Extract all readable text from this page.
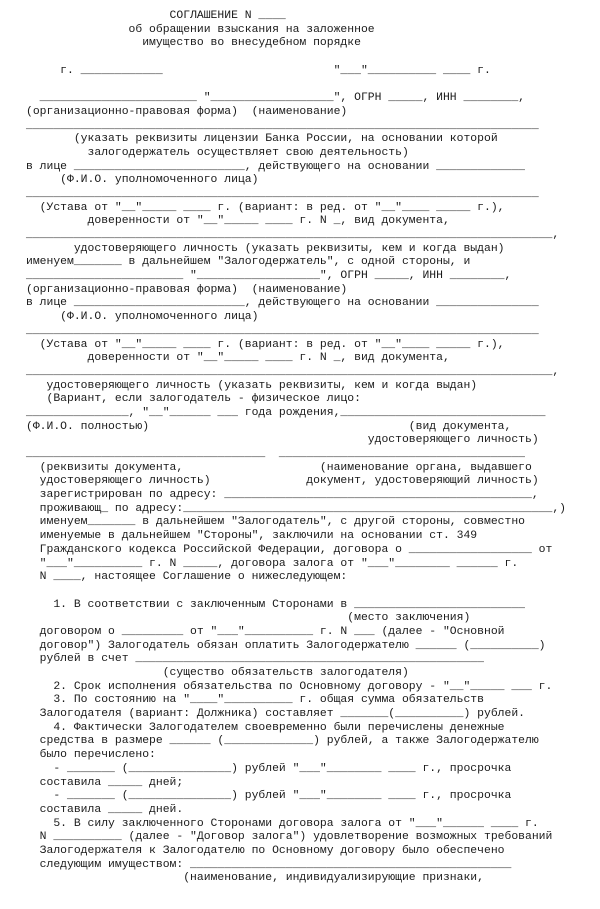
СОГЛАШЕНИЕ N ____
об обращении взыскания на заложенное
имущество во внесудебном порядке
г. ____________                         "___"__________ ____ г.
_______________________ "__________________", ОГРН _____, ИНН ________,
(организационно-правовая форма)  (наименование)
___________________________________________________________________________
(указать реквизиты лицензии Банка России, на основании которой
залогодержатель осуществляет свою деятельность)
в лице _________________________, действующего на основании _____________
(Ф.И.О. уполномоченного лица)
___________________________________________________________________________
(Устава от "__"_____ ____ г. (вариант: в ред. от "__"____ _____ г.),
доверенности от "__"_____ ____ г. N _, вид документа,
_____________________________________________________________________________,
удостоверяющего личность (указать реквизиты, кем и когда выдан)
именуем_______ в дальнейшем "Залогодержатель", с одной стороны, и
_______________________ "__________________", ОГРН _____, ИНН ________,
(организационно-правовая форма)  (наименование)
в лице _________________________, действующего на основании _______________
(Ф.И.О. уполномоченного лица)
___________________________________________________________________________
(Устава от "__"_____ ____ г. (вариант: в ред. от "__"____ _____ г.),
доверенности от "__"_____ ____ г. N _, вид документа,
_____________________________________________________________________________,
удостоверяющего личность (указать реквизиты, кем и когда выдан)
(Вариант, если залогодатель - физическое лицо:
_______________, "__"______ ___ года рождения,______________________________
(Ф.И.О. полностью)                                      (вид документа,
удостоверяющего личность)
___________________________________  ____________________________________
(реквизиты документа,                    (наименование органа, выдавшего
удостоверяющего личность)              документ, удостоверяющий личность)
зарегистрирован по адресу: _____________________________________________,
проживающ_ по адресу:______________________________________________________,)
именуем_______ в дальнейшем "Залогодатель", с другой стороны, совместно
именуемые в дальнейшем "Стороны", заключили на основании ст. 349
Гражданского кодекса Российской Федерации, договора о __________________ от
"___"__________ г. N _____, договора залога от "___"________ ______ г.
N ____, настоящее Соглашение о нижеследующем:
1. В соответствии с заключенным Сторонами в _________________________
(место заключения)
договором о _________ от "___"__________ г. N ___ (далее - "Основной
договор") Залогодатель обязан оплатить Залогодержателю ______ (__________)
рублей в счет ___________________________________________________
(существо обязательств залогодателя)
2. Срок исполнения обязательства по Основному договору - "__"_____ ___ г.
3. По состоянию на "____"__________ г. общая сумма обязательств
Залогодателя (вариант: Должника) составляет _______(__________) рублей.
4. Фактически Залогодателем своевременно были перечислены денежные
средства в размере ______ (_____________) рублей, а также Залогодержателю
было перечислено:
- _______ (_______________) рублей "___"________ ____ г., просрочка
составила _____ дней;
- _______ (_______________) рублей "___"________ ____ г., просрочка
составила _____ дней.
5. В силу заключенного Сторонами договора залога от "___"______ ____ г.
N __________ (далее - "Договор залога") удовлетворение возможных требований
Залогодержателя к Залогодателю по Основному договору было обеспечено
следующим имуществом: _______________________________________________
(наименование, индивидуализирующие признаки,
